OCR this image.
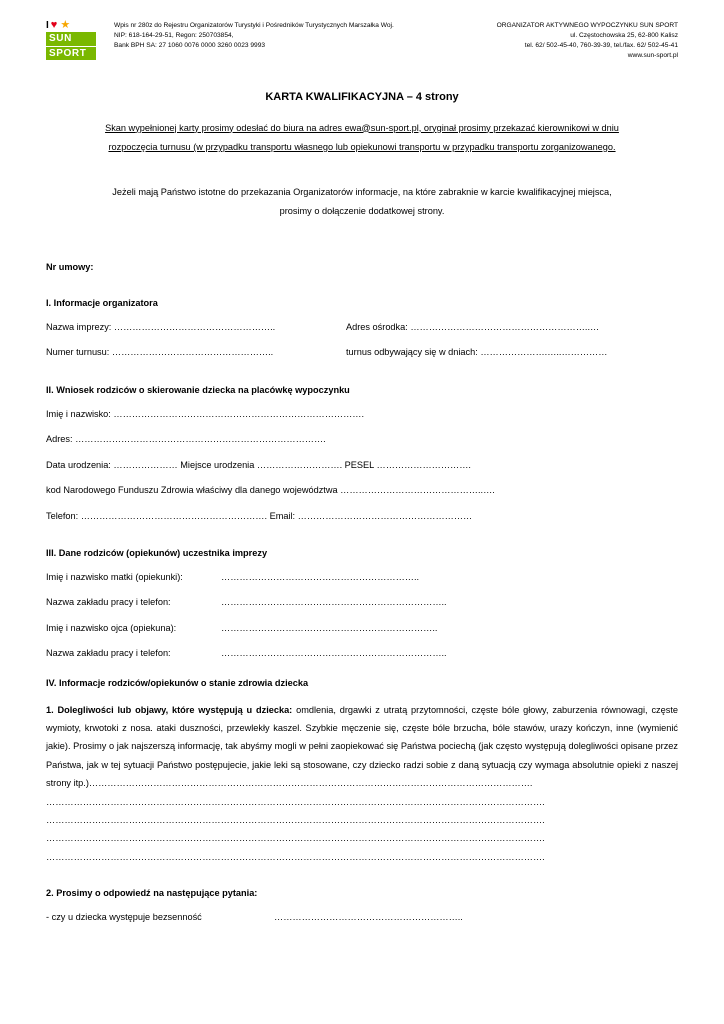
I ♥ ★
SUN
SPORT
Wpis nr 280z do Rejestru Organizatorów Turystyki i Pośredników Turystycznych Marszałka Woj.
NIP: 618-164-29-51, Regon: 250703854,
Bank BPH SA: 27 1060 0076 0000 3260 0023 9993
ORGANIZATOR AKTYWNEGO WYPOCZYNKU SUN SPORT
ul. Częstochowska 25, 62-800 Kalisz
tel. 62/ 502-45-40, 760-39-39, tel./fax. 62/ 502-45-41
www.sun-sport.pl
KARTA KWALIFIKACYJNA – 4 strony
Skan wypełnionej karty prosimy odesłać do biura na adres ewa@sun-sport.pl, oryginał prosimy przekazać kierownikowi w dniu
rozpoczęcia turnusu (w przypadku transportu własnego lub opiekunowi transportu w przypadku transportu zorganizowanego.
Jeżeli mają Państwo istotne do przekazania Organizatorów informacje, na które zabraknie w karcie kwalifikacyjnej miejsca,
prosimy o dołączenie dodatkowej strony.
Nr umowy:
I. Informacje organizatora
Nazwa imprezy: ……………………………………………..	Adres ośrodka: …………………………………………………..…
Numer turnusu: ……………………………………………..	turnus odbywający się w dniach: ………………….…..……………
II. Wniosek rodziców o skierowanie dziecka na placówkę wypoczynku
Imię i nazwisko: ……………………………………………………………………….
Adres: ……………………………………………………………………….
Data urodzenia: ………………… Miejsce urodzenia ………………………. PESEL ………………………….
kod Narodowego Funduszu Zdrowia właściwy dla danego województwa ………………………………………..….
Telefon: ……………………………………………………. Email: …………………………………………………
III. Dane rodziców (opiekunów) uczestnika imprezy
Imię i nazwisko matki (opiekunki):	………………………………………………………..
Nazwa zakładu pracy i telefon:	………………………………………………………………..
Imię i nazwisko ojca (opiekuna):	……………………………………………………………..
Nazwa zakładu pracy i telefon:	………………………………………………………………..
IV. Informacje rodziców/opiekunów o stanie zdrowia dziecka
1. Dolegliwości lub objawy, które występują u dziecka: omdlenia, drgawki z utratą przytomności, częste bóle głowy, zaburzenia równowagi, częste wymioty, krwotoki z nosa. ataki duszności, przewlekły kaszel. Szybkie męczenie się, częste bóle brzucha, bóle stawów, urazy kończyn, inne (wymienić jakie). Prosimy o jak najszerszą informację, tak abyśmy mogli w pełni zaopiekować się Państwa pociechą (jak często występują dolegliwości opisane przez Państwa, jak w tej sytuacji Państwo postępujecie, jakie leki są stosowane, czy dziecko radzi sobie z daną sytuacją czy wymaga absolutnie opieki z naszej strony itp.)……………………………………………………………………………………………………………………………….
……………………………………………………………………………………………………………………………………………….
……………………………………………………………………………………………………………………………………………….
……………………………………………………………………………………………………………………………………………….
……………………………………………………………………………………………………………………………………………….
2. Prosimy o odpowiedź na następujące pytania:
- czy u dziecka występuje bezsenność	……………………………………………………..
